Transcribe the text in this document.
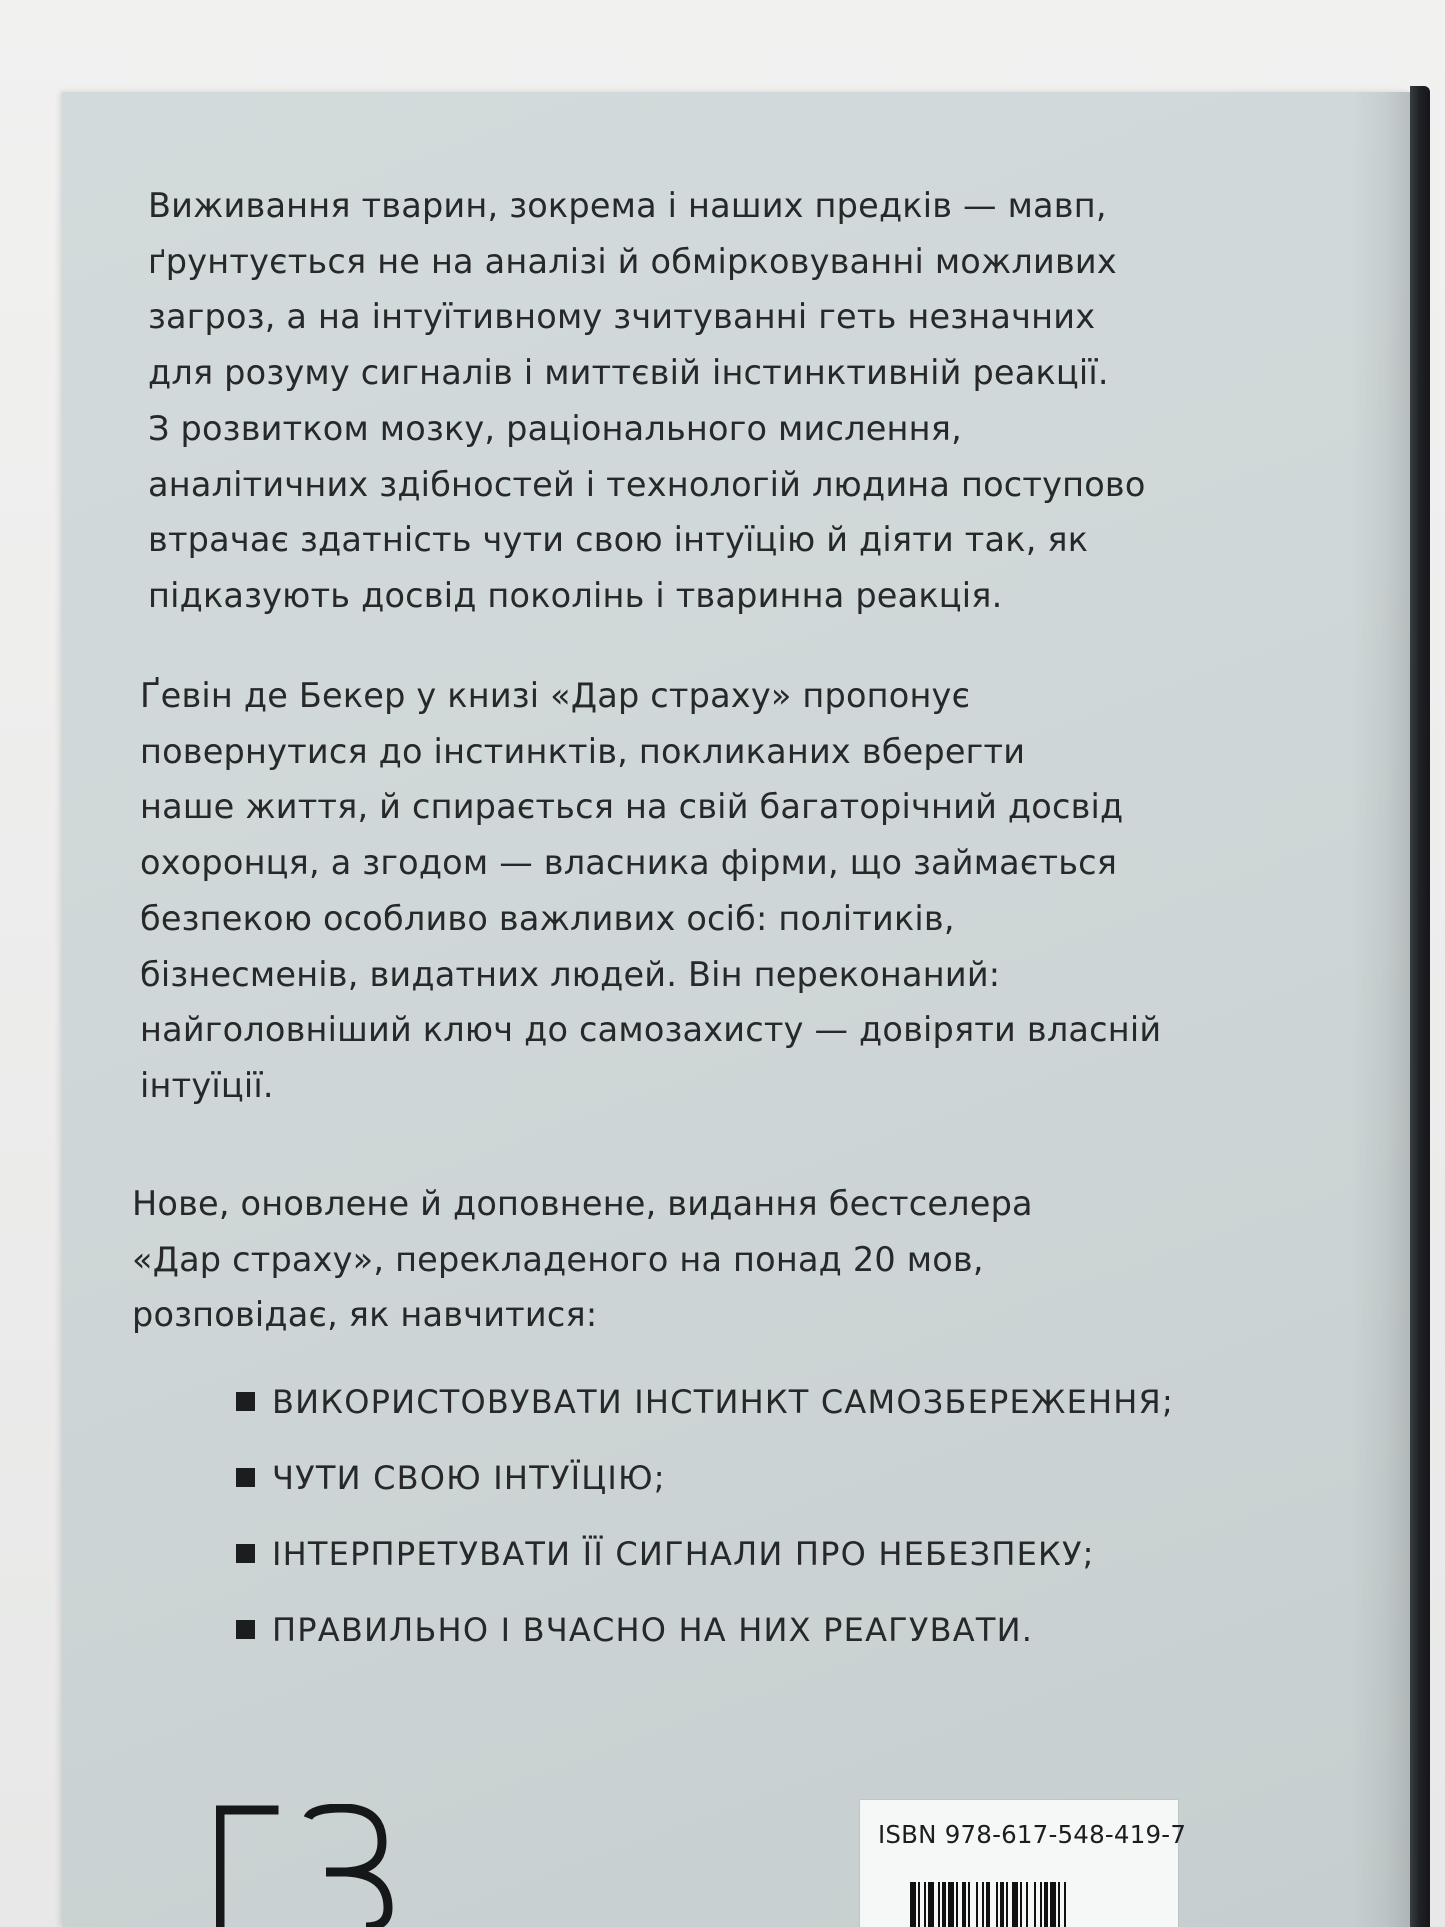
Виживання тварин, зокрема і наших предків — мавп,
ґрунтується не на аналізі й обмірковуванні можливих
загроз, а на інтуїтивному зчитуванні геть незначних
для розуму сигналів і миттєвій інстинктивній реакції.
З розвитком мозку, раціонального мислення,
аналітичних здібностей і технологій людина поступово
втрачає здатність чути свою інтуїцію й діяти так, як
підказують досвід поколінь і тваринна реакція.
Ґевін де Бекер у книзі «Дар страху» пропонує
повернутися до інстинктів, покликаних вберегти
наше життя, й спирається на свій багаторічний досвід
охоронця, а згодом — власника фірми, що займається
безпекою особливо важливих осіб: політиків,
бізнесменів, видатних людей. Він переконаний:
найголовніший ключ до самозахисту — довіряти власній
інтуїції.
Нове, оновлене й доповнене, видання бестселера
«Дар страху», перекладеного на понад 20 мов,
розповідає, як навчитися:
ВИКОРИСТОВУВАТИ ІНСТИНКТ САМОЗБЕРЕЖЕННЯ;
ЧУТИ СВОЮ ІНТУЇЦІЮ;
ІНТЕРПРЕТУВАТИ ЇЇ СИГНАЛИ ПРО НЕБЕЗПЕКУ;
ПРАВИЛЬНО І ВЧАСНО НА НИХ РЕАГУВАТИ.
ISBN 978-617-548-419-7
